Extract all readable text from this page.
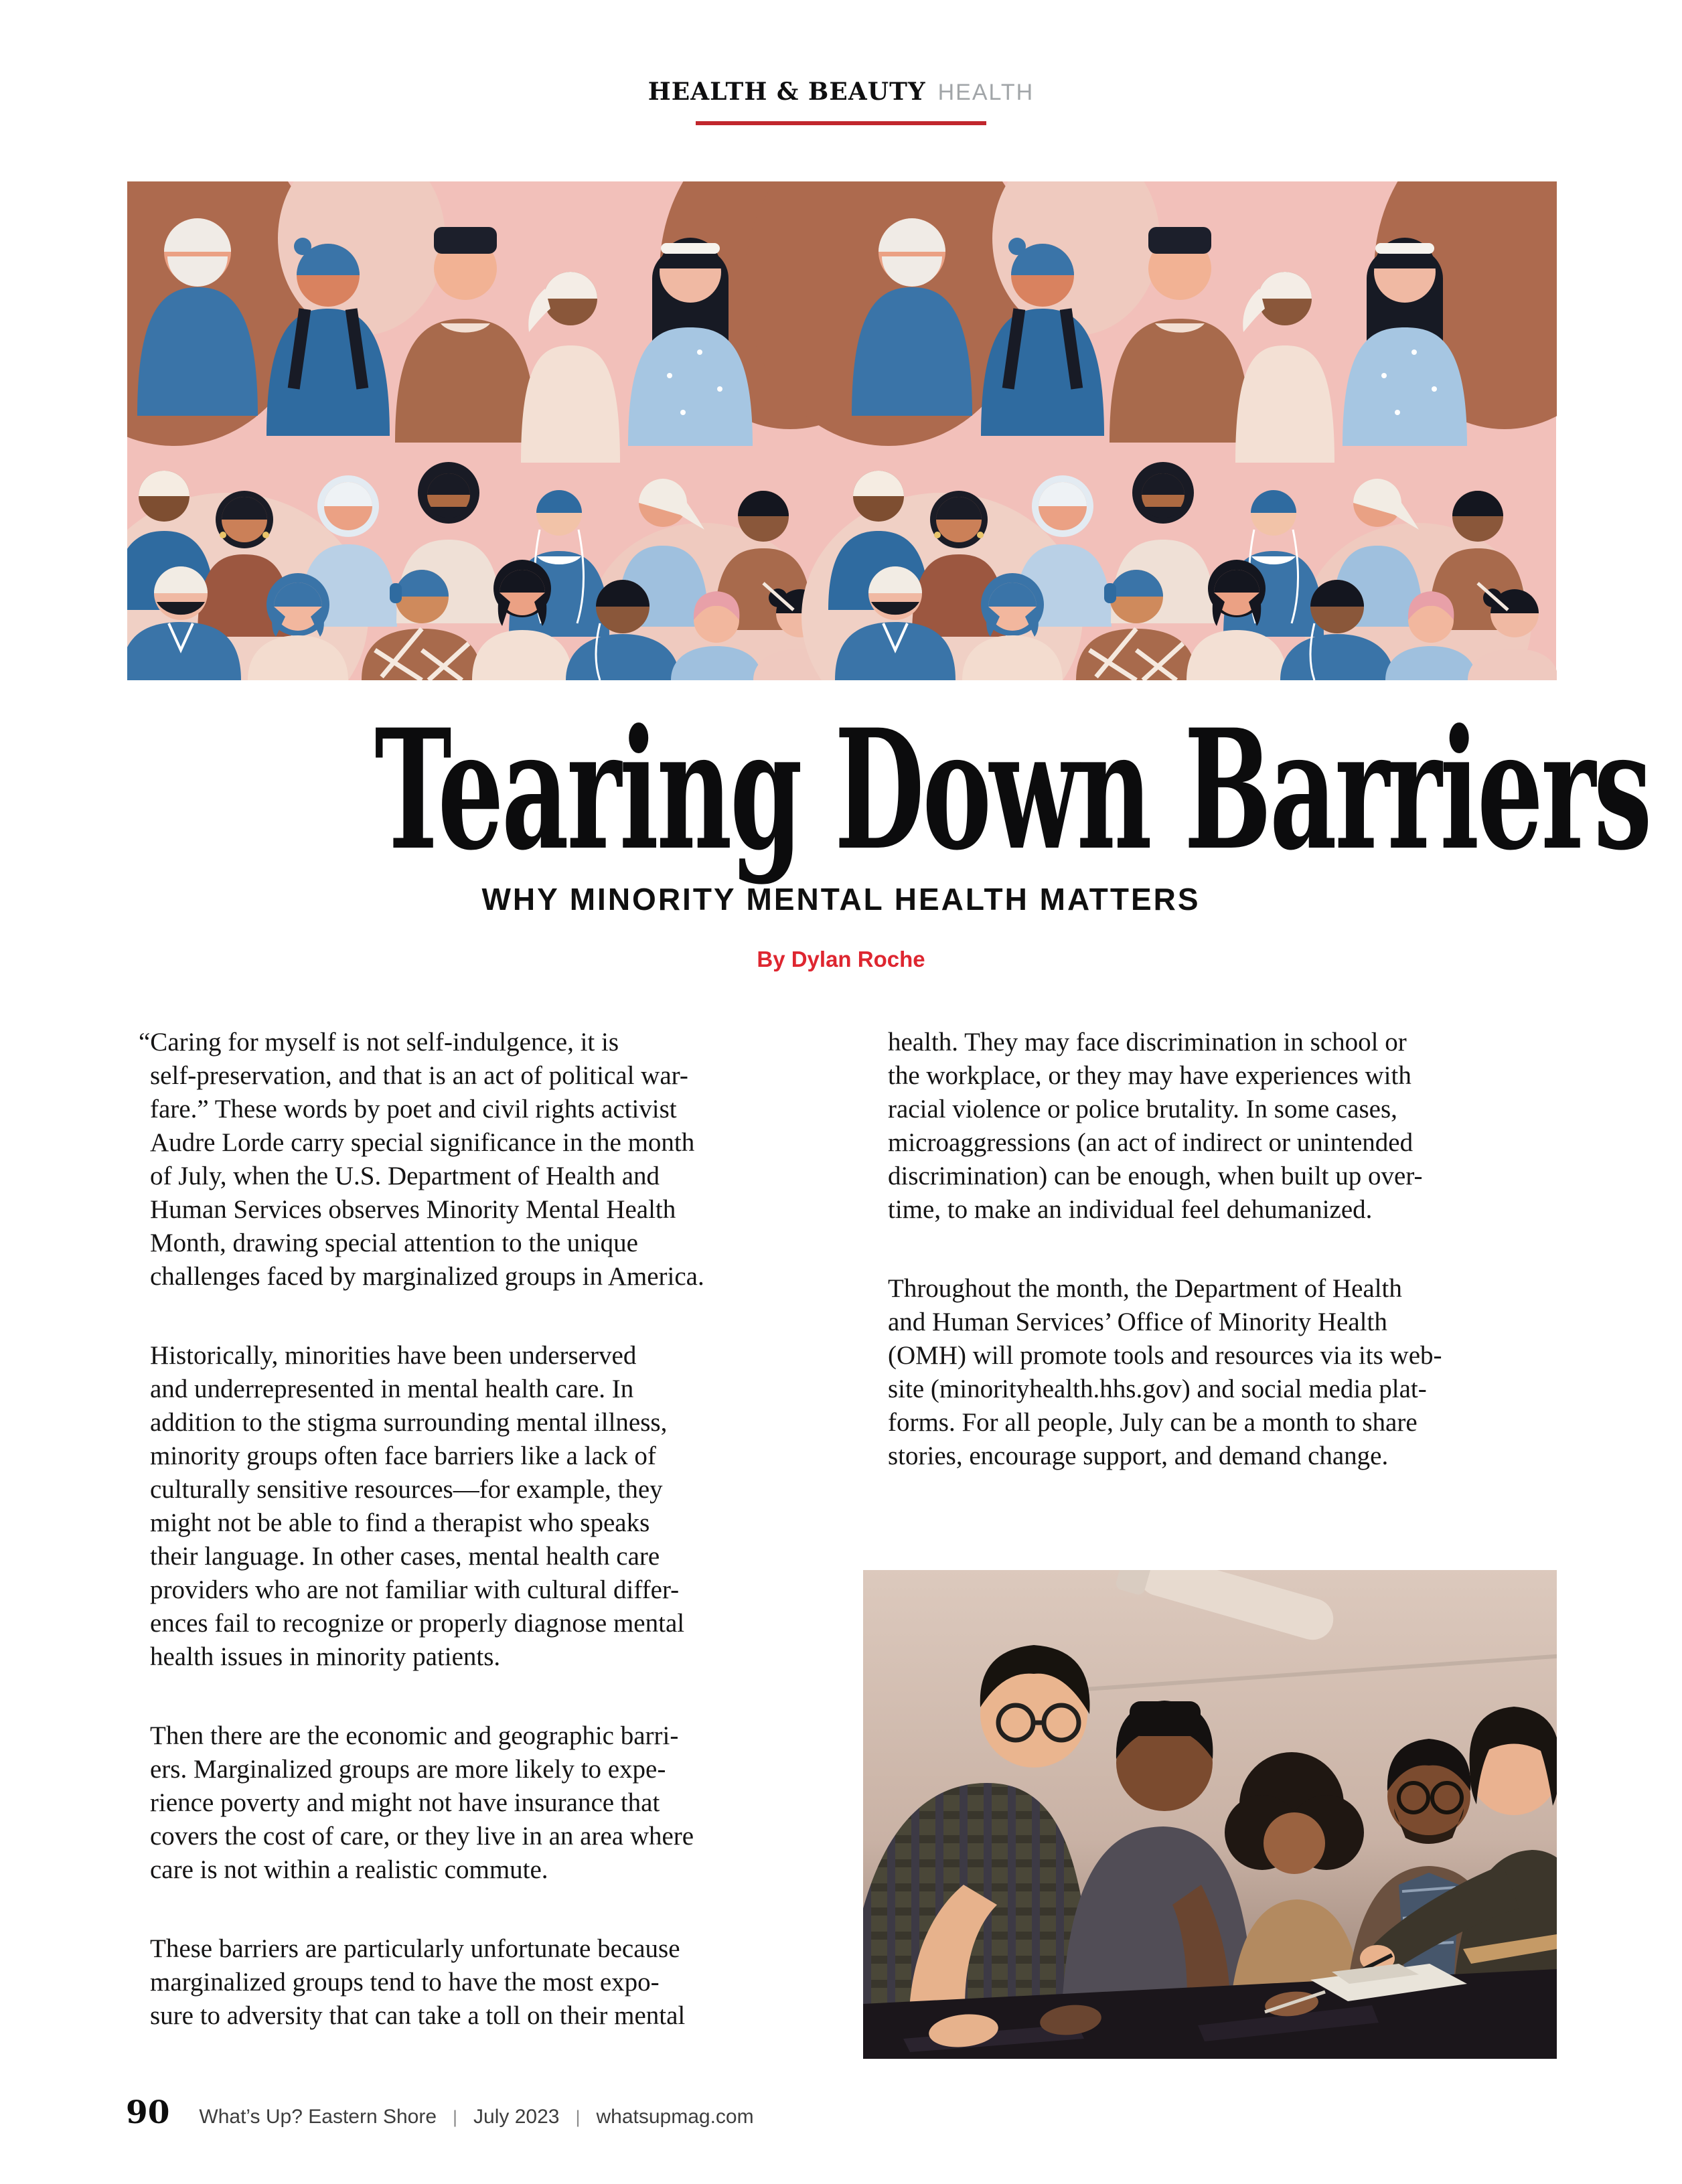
HEALTH & BEAUTY HEALTH
Tearing Down Barriers
WHY MINORITY MENTAL HEALTH MATTERS
By Dylan Roche

“Caring for myself is not self-indulgence, it is
self-preservation, and that is an act of political war-
fare.” These words by poet and civil rights activist
Audre Lorde carry special significance in the month
of July, when the U.S. Department of Health and
Human Services observes Minority Mental Health
Month, drawing special attention to the unique
challenges faced by marginalized groups in America.

Historically, minorities have been underserved
and underrepresented in mental health care. In
addition to the stigma surrounding mental illness,
minority groups often face barriers like a lack of
culturally sensitive resources—for example, they
might not be able to find a therapist who speaks
their language. In other cases, mental health care
providers who are not familiar with cultural differ-
ences fail to recognize or properly diagnose mental
health issues in minority patients.

Then there are the economic and geographic barri-
ers. Marginalized groups are more likely to expe-
rience poverty and might not have insurance that
covers the cost of care, or they live in an area where
care is not within a realistic commute.

These barriers are particularly unfortunate because
marginalized groups tend to have the most expo-
sure to adversity that can take a toll on their mental

health. They may face discrimination in school or
the workplace, or they may have experiences with
racial violence or police brutality. In some cases,
microaggressions (an act of indirect or unintended
discrimination) can be enough, when built up over-
time, to make an individual feel dehumanized.

Throughout the month, the Department of Health
and Human Services’ Office of Minority Health
(OMH) will promote tools and resources via its web-
site (minorityhealth.hhs.gov) and social media plat-
forms. For all people, July can be a month to share
stories, encourage support, and demand change.

90 What’s Up? Eastern Shore | July 2023 | whatsupmag.com
